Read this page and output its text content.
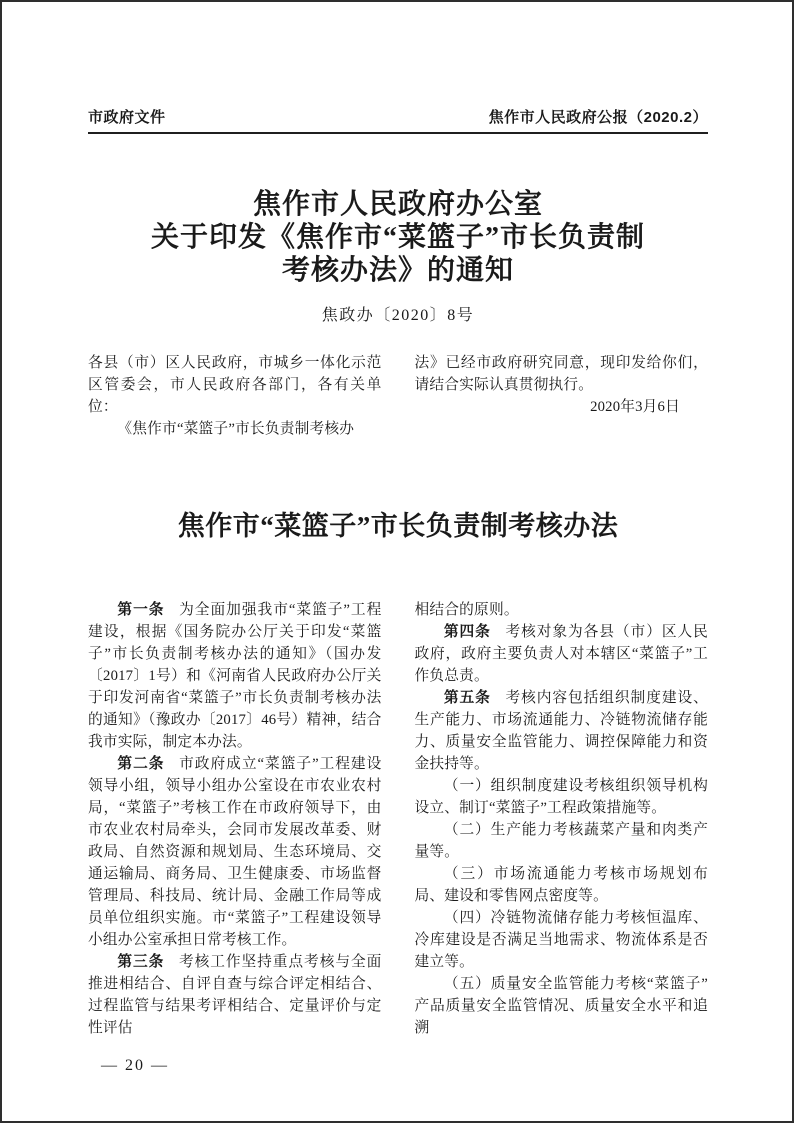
市政府文件	焦作市人民政府公报（2020.2）
焦作市人民政府办公室
关于印发《焦作市“菜篮子”市长负责制
考核办法》的通知
焦政办〔2020〕8号

各县（市）区人民政府，市城乡一体化示范区管委会，市人民政府各部门，各有关单位：

《焦作市“菜篮子”市长负责制考核办

法》已经市政府研究同意，现印发给你们，请结合实际认真贯彻执行。

2020年3月6日

焦作市“菜篮子”市长负责制考核办法

第一条 为全面加强我市“菜篮子”工程建设，根据《国务院办公厅关于印发“菜篮子”市长负责制考核办法的通知》（国办发〔2017〕1号）和《河南省人民政府办公厅关于印发河南省“菜篮子”市长负责制考核办法的通知》（豫政办〔2017〕46号）精神，结合我市实际，制定本办法。

第二条 市政府成立“菜篮子”工程建设领导小组，领导小组办公室设在市农业农村局，“菜篮子”考核工作在市政府领导下，由市农业农村局牵头，会同市发展改革委、财政局、自然资源和规划局、生态环境局、交通运输局、商务局、卫生健康委、市场监督管理局、科技局、统计局、金融工作局等成员单位组织实施。市“菜篮子”工程建设领导小组办公室承担日常考核工作。

第三条 考核工作坚持重点考核与全面推进相结合、自评自查与综合评定相结合、过程监管与结果考评相结合、定量评价与定性评估

相结合的原则。

第四条 考核对象为各县（市）区人民政府，政府主要负责人对本辖区“菜篮子”工作负总责。

第五条 考核内容包括组织制度建设、生产能力、市场流通能力、冷链物流储存能力、质量安全监管能力、调控保障能力和资金扶持等。

（一）组织制度建设考核组织领导机构设立、制订“菜篮子”工程政策措施等。

（二）生产能力考核蔬菜产量和肉类产量等。

（三）市场流通能力考核市场规划布局、建设和零售网点密度等。

（四）冷链物流储存能力考核恒温库、冷库建设是否满足当地需求、物流体系是否建立等。

（五）质量安全监管能力考核“菜篮子”产品质量安全监管情况、质量安全水平和追溯

— 20 —
